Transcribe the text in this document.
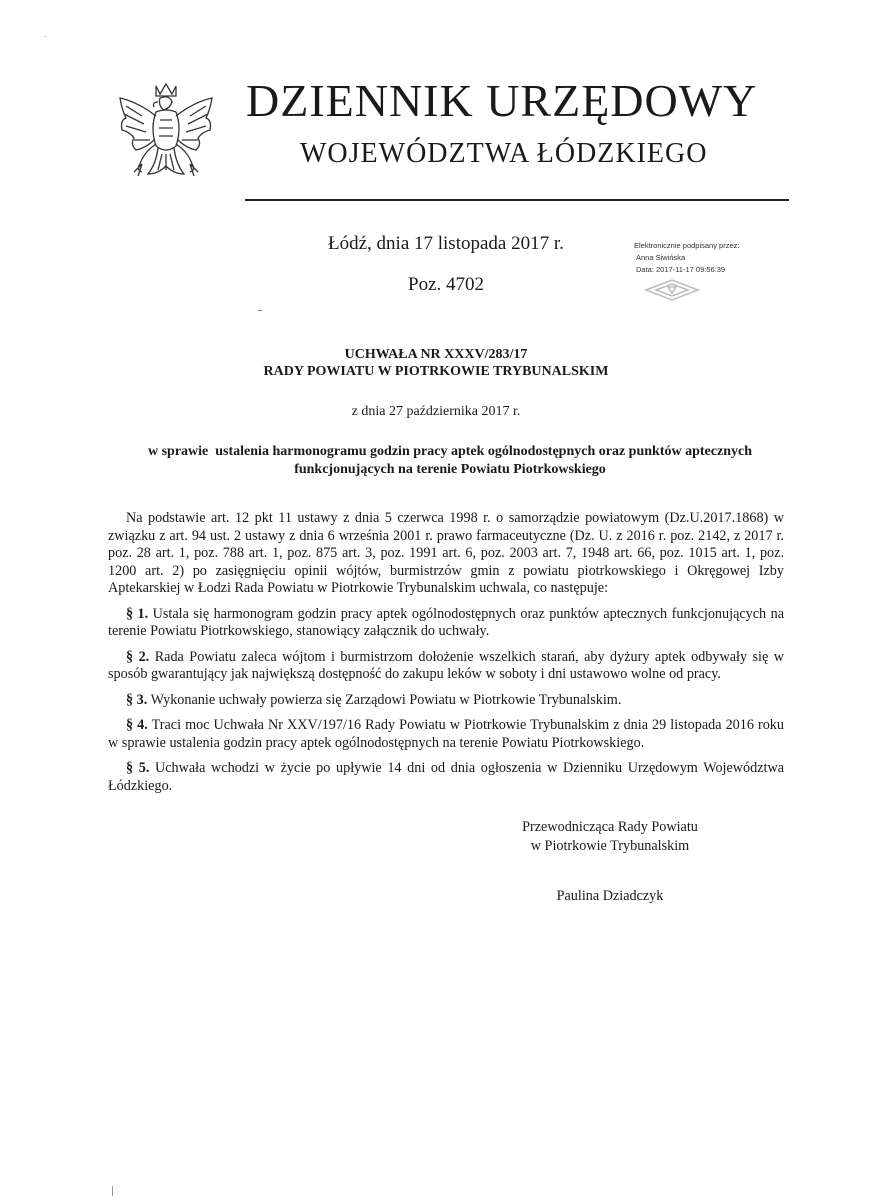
DZIENNIK URZĘDOWY
WOJEWÓDZTWA ŁÓDZKIEGO
Łódź, dnia 17 listopada 2017 r.
Poz. 4702
Elektronicznie podpisany przez:
Anna Siwińska
Data: 2017-11-17 09:56:39
UCHWAŁA NR XXXV/283/17
RADY POWIATU W PIOTRKOWIE TRYBUNALSKIM
z dnia 27 października 2017 r.
w sprawie  ustalenia harmonogramu godzin pracy aptek ogólnodostępnych oraz punktów aptecznych
funkcjonujących na terenie Powiatu Piotrkowskiego

Na podstawie art. 12 pkt 11 ustawy z dnia 5 czerwca 1998 r. o samorządzie powiatowym (Dz.U.2017.1868) w związku z art. 94 ust. 2 ustawy z dnia 6 września 2001 r. prawo farmaceutyczne (Dz. U. z 2016 r. poz. 2142, z 2017 r. poz. 28 art. 1, poz. 788 art. 1, poz. 875 art. 3, poz. 1991 art. 6, poz. 2003 art. 7, 1948 art. 66, poz. 1015 art. 1, poz. 1200 art. 2) po zasięgnięciu opinii wójtów, burmistrzów gmin z powiatu piotrkowskiego i Okręgowej Izby Aptekarskiej w Łodzi Rada Powiatu w Piotrkowie Trybunalskim uchwala, co następuje:

§ 1. Ustala się harmonogram godzin pracy aptek ogólnodostępnych oraz punktów aptecznych funkcjonujących na terenie Powiatu Piotrkowskiego, stanowiący załącznik do uchwały.

§ 2. Rada Powiatu zaleca wójtom i burmistrzom dołożenie wszelkich starań, aby dyżury aptek odbywały się w sposób gwarantujący jak największą dostępność do zakupu leków w soboty i dni ustawowo wolne od pracy.

§ 3. Wykonanie uchwały powierza się Zarządowi Powiatu w Piotrkowie Trybunalskim.

§ 4. Traci moc Uchwała Nr XXV/197/16 Rady Powiatu w Piotrkowie Trybunalskim z dnia 29 listopada 2016 roku w sprawie ustalenia godzin pracy aptek ogólnodostępnych na terenie Powiatu Piotrkowskiego.

§ 5. Uchwała wchodzi w życie po upływie 14 dni od dnia ogłoszenia w Dzienniku Urzędowym Województwa Łódzkiego.

Przewodnicząca Rady Powiatu
w Piotrkowie Trybunalskim
Paulina Dziadczyk
